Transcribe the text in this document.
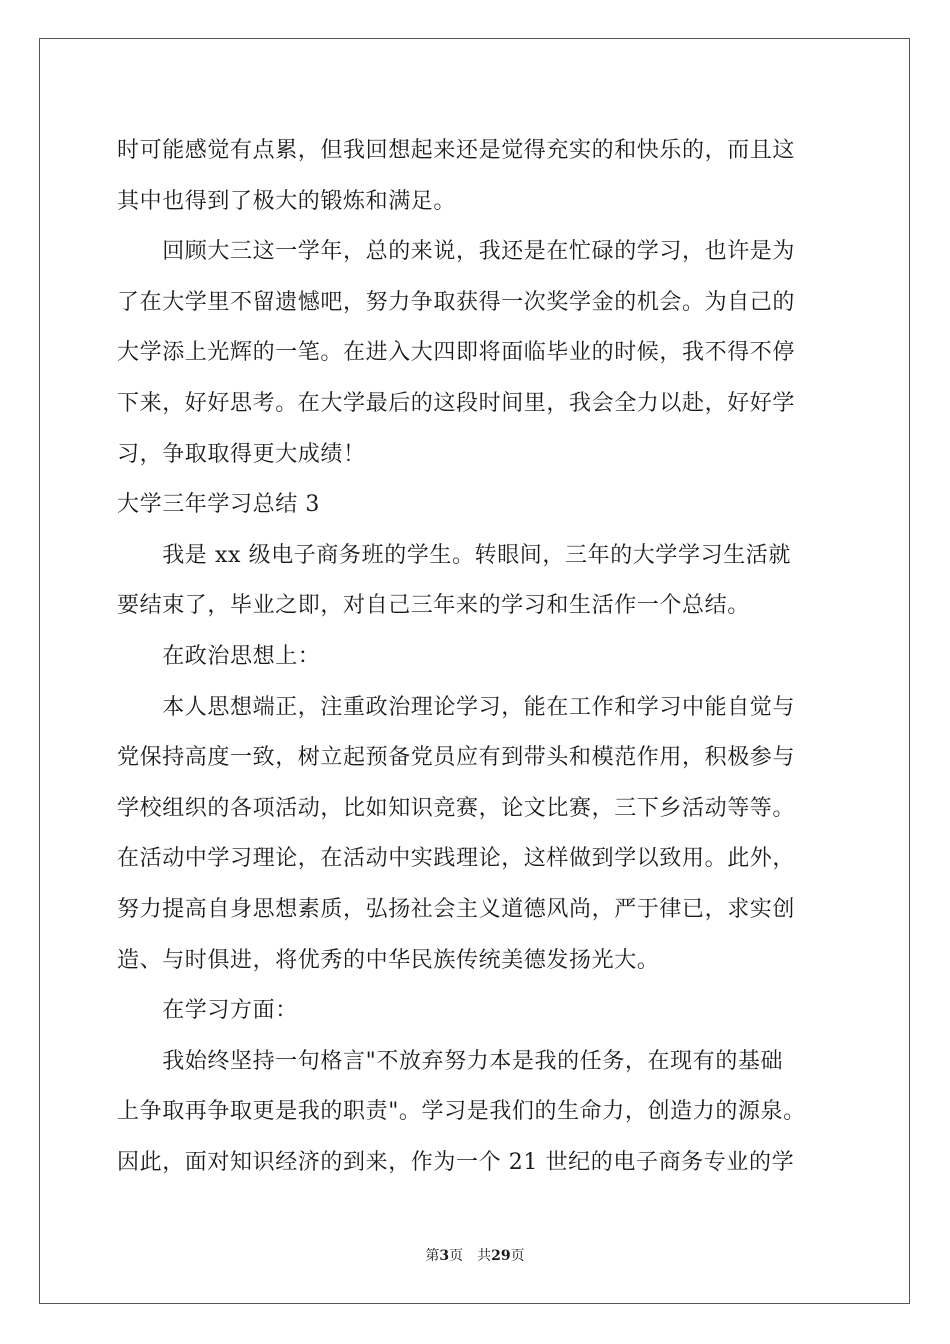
时可能感觉有点累，但我回想起来还是觉得充实的和快乐的，而且这
其中也得到了极大的锻炼和满足。
　　回顾大三这一学年，总的来说，我还是在忙碌的学习，也许是为
了在大学里不留遗憾吧，努力争取获得一次奖学金的机会。为自己的
大学添上光辉的一笔。在进入大四即将面临毕业的时候，我不得不停
下来，好好思考。在大学最后的这段时间里，我会全力以赴，好好学
习，争取取得更大成绩！
大学三年学习总结 3
　　我是 xx 级电子商务班的学生。转眼间，三年的大学学习生活就
要结束了，毕业之即，对自己三年来的学习和生活作一个总结。
　　在政治思想上：
　　本人思想端正，注重政治理论学习，能在工作和学习中能自觉与
党保持高度一致，树立起预备党员应有到带头和模范作用，积极参与
学校组织的各项活动，比如知识竞赛，论文比赛，三下乡活动等等。
在活动中学习理论，在活动中实践理论，这样做到学以致用。此外，
努力提高自身思想素质，弘扬社会主义道德风尚，严于律已，求实创
造、与时俱进，将优秀的中华民族传统美德发扬光大。
　　在学习方面：
　　我始终坚持一句格言"不放弃努力本是我的任务，在现有的基础
上争取再争取更是我的职责"。学习是我们的生命力，创造力的源泉。
因此，面对知识经济的到来，作为一个 21 世纪的电子商务专业的学
第3页 共29页
